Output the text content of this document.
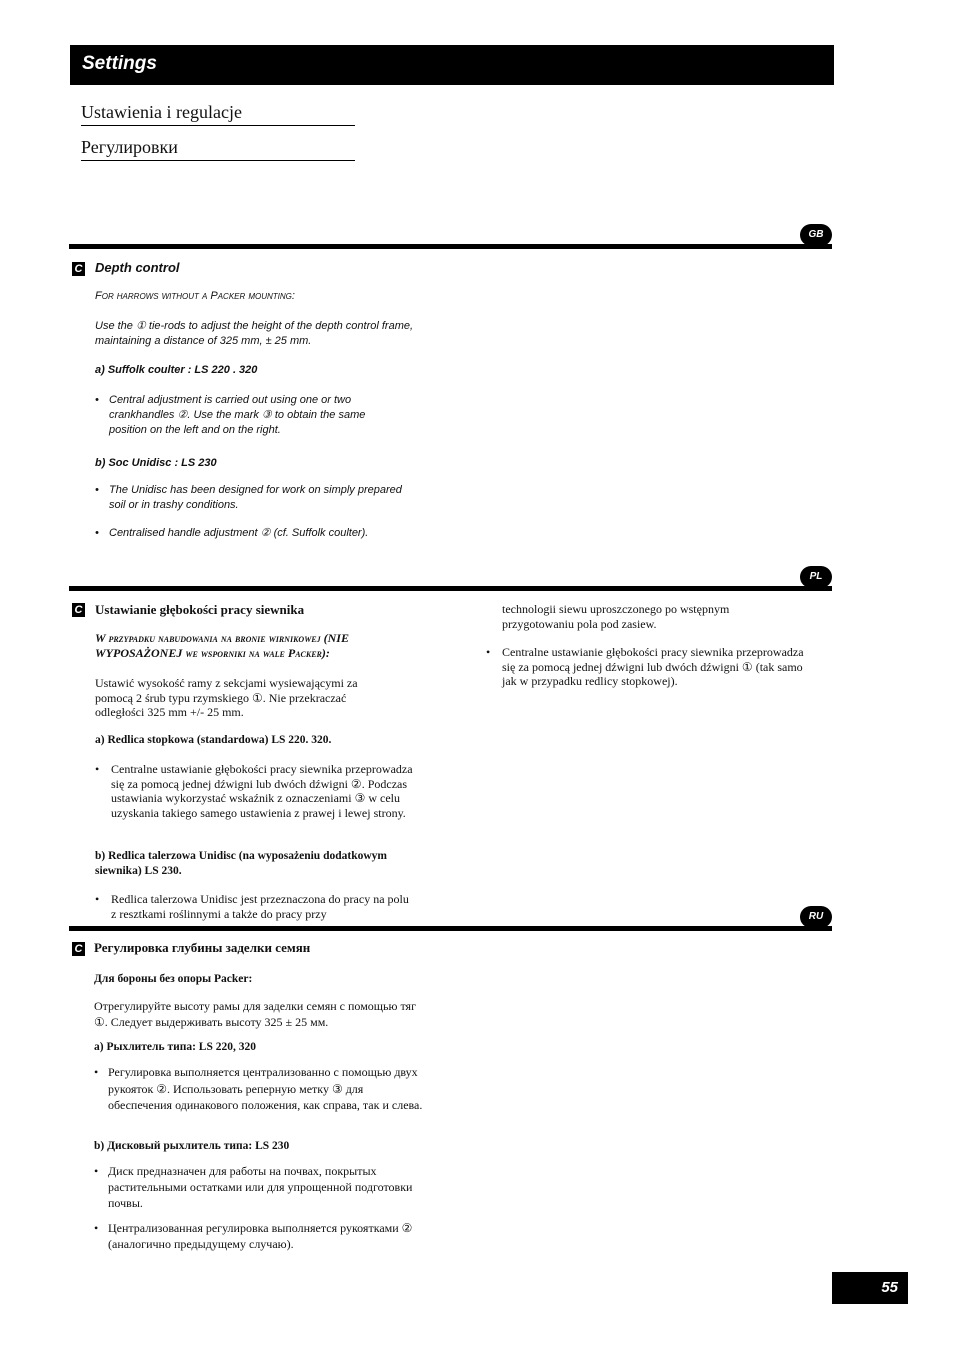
Settings
Ustawienia i regulacje
Регулировки
GB
C Depth control
For harrows without a Packer mounting:
Use the ① tie-rods to adjust the height of the depth control frame, maintaining a distance of 325 mm, ± 25 mm.
a) Suffolk coulter : LS 220 . 320
• Central adjustment is carried out using one or two crankhandles ②. Use the mark ③ to obtain the same position on the left and on the right.
b) Soc Unidisc : LS 230
• The Unidisc has been designed for work on simply prepared soil or in trashy conditions.
• Centralised handle adjustment ② (cf. Suffolk coulter).
PL
C Ustawianie głębokości pracy siewnika
W przypadku nabudowania na bronie wirnikowej (NIE WYPOSAŻONEJ we wsporniki na wale Packer):
Ustawić wysokość ramy z sekcjami wysiewającymi za pomocą 2 śrub typu rzymskiego ①. Nie przekraczać odległości 325 mm +/- 25 mm.
a) Redlica stopkowa (standardowa) LS 220. 320.
• Centralne ustawianie głębokości pracy siewnika przeprowadza się za pomocą jednej dźwigni lub dwóch dźwigni ②. Podczas ustawiania wykorzystać wskaźnik z oznaczeniami ③ w celu uzyskania takiego samego ustawienia z prawej i lewej strony.
b) Redlica talerzowa Unidisc (na wyposażeniu dodatkowym siewnika) LS 230.
• Redlica talerzowa Unidisc jest przeznaczona do pracy na polu z resztkami roślinnymi a także do pracy przy
technologii siewu uproszczonego po wstępnym przygotowaniu pola pod zasiew.
• Centralne ustawianie głębokości pracy siewnika przeprowadza się za pomocą jednej dźwigni lub dwóch dźwigni ① (tak samo jak w przypadku redlicy stopkowej).
RU
C Регулировка глубины заделки семян
Для бороны без опоры Packer:
Отрегулируйте высоту рамы для заделки семян с помощью тяг ①. Следует выдерживать высоту 325 ± 25 мм.
a) Рыхлитель типа: LS 220, 320
• Регулировка выполняется централизованно с помощью двух рукояток ②. Использовать реперную метку ③ для обеспечения одинакового положения, как справа, так и слева.
b) Дисковый рыхлитель типа: LS 230
• Диск предназначен для работы на почвах, покрытых растительными остатками или для упрощенной подготовки почвы.
• Централизованная регулировка выполняется рукоятками ② (аналогично предыдущему случаю).
55
